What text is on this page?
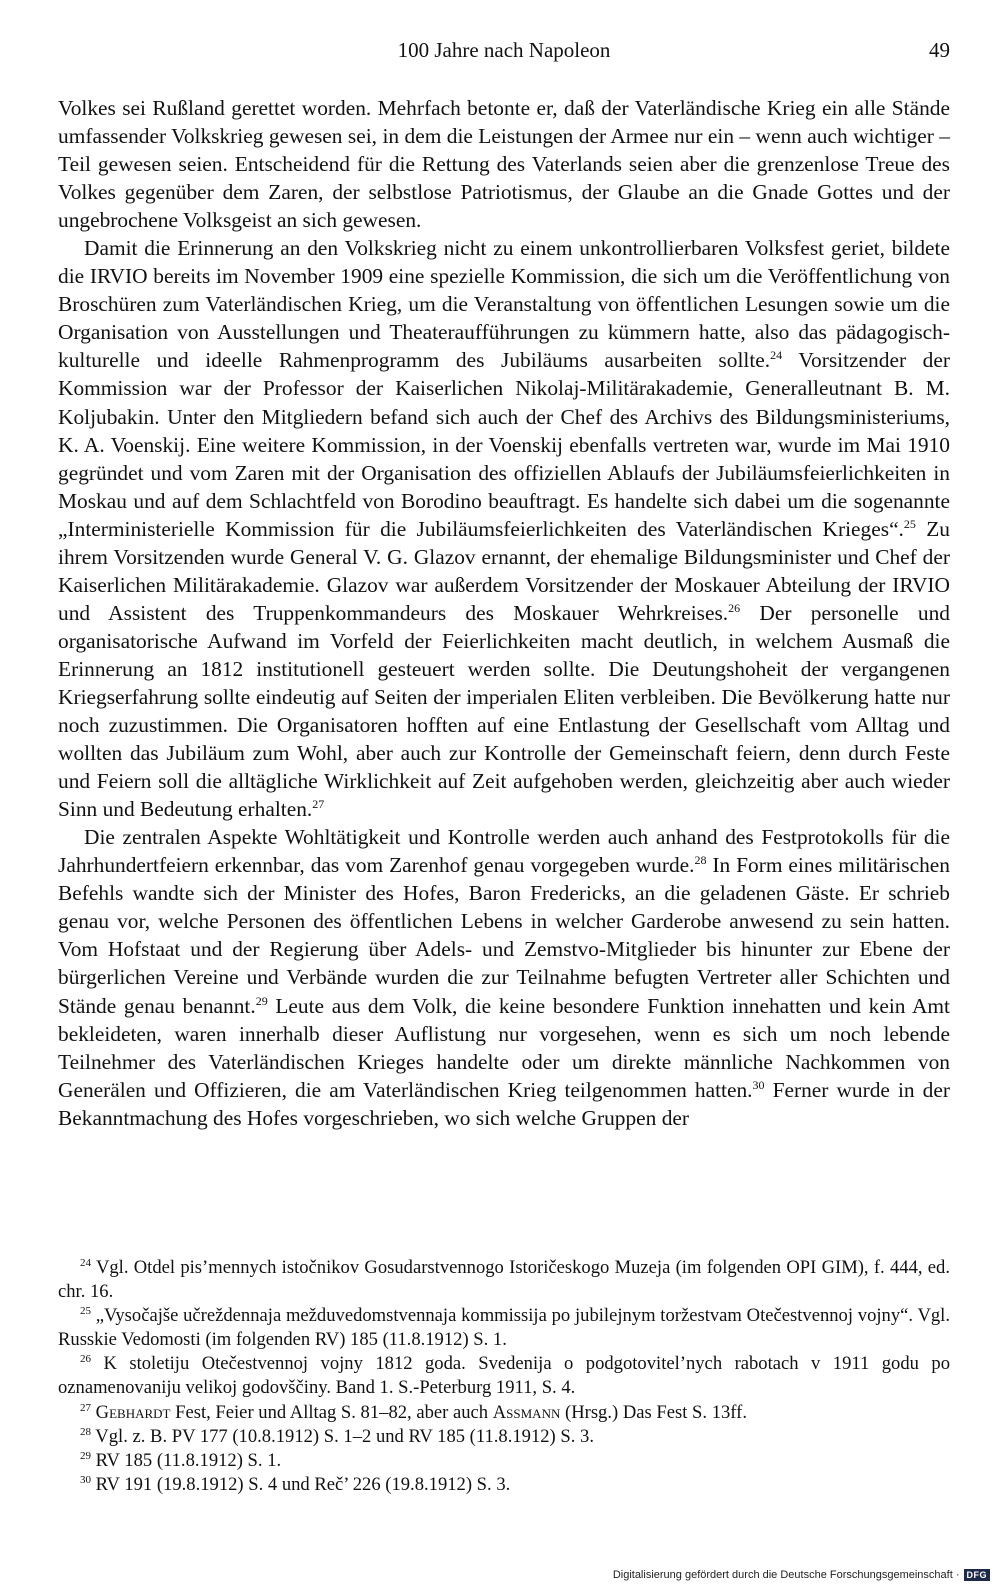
100 Jahre nach Napoleon	49

Volkes sei Rußland gerettet worden. Mehrfach betonte er, daß der Vaterländische Krieg ein alle Stände umfassender Volkskrieg gewesen sei, in dem die Leistungen der Armee nur ein – wenn auch wichtiger – Teil gewesen seien. Entscheidend für die Rettung des Vaterlands seien aber die grenzenlose Treue des Volkes gegenüber dem Zaren, der selbstlose Patriotismus, der Glaube an die Gnade Gottes und der ungebrochene Volksgeist an sich gewesen.

Damit die Erinnerung an den Volkskrieg nicht zu einem unkontrollierbaren Volksfest geriet, bildete die IRVIO bereits im November 1909 eine spezielle Kommission, die sich um die Veröffentlichung von Broschüren zum Vaterländischen Krieg, um die Veranstaltung von öffentlichen Lesungen sowie um die Organisation von Ausstellungen und Theateraufführungen zu kümmern hatte, also das pädagogisch-kulturelle und ideelle Rahmenprogramm des Jubiläums ausarbeiten sollte.$^{24}$ Vorsitzender der Kommission war der Professor der Kaiserlichen Nikolaj-Militärakademie, Generalleutnant B. M. Koljubakin. Unter den Mitgliedern befand sich auch der Chef des Archivs des Bildungsministeriums, K. A. Voenskij. Eine weitere Kommission, in der Voenskij ebenfalls vertreten war, wurde im Mai 1910 gegründet und vom Zaren mit der Organisation des offiziellen Ablaufs der Jubiläumsfeierlichkeiten in Moskau und auf dem Schlachtfeld von Borodino beauftragt. Es handelte sich dabei um die sogenannte „Interministerielle Kommission für die Jubiläumsfeierlichkeiten des Vaterländischen Krieges“.$^{25}$ Zu ihrem Vorsitzenden wurde General V. G. Glazov ernannt, der ehemalige Bildungsminister und Chef der Kaiserlichen Militärakademie. Glazov war außerdem Vorsitzender der Moskauer Abteilung der IRVIO und Assistent des Truppenkommandeurs des Moskauer Wehrkreises.$^{26}$ Der personelle und organisatorische Aufwand im Vorfeld der Feierlichkeiten macht deutlich, in welchem Ausmaß die Erinnerung an 1812 institutionell gesteuert werden sollte. Die Deutungshoheit der vergangenen Kriegserfahrung sollte eindeutig auf Seiten der imperialen Eliten verbleiben. Die Bevölkerung hatte nur noch zuzustimmen. Die Organisatoren hofften auf eine Entlastung der Gesellschaft vom Alltag und wollten das Jubiläum zum Wohl, aber auch zur Kontrolle der Gemeinschaft feiern, denn durch Feste und Feiern soll die alltägliche Wirklichkeit auf Zeit aufgehoben werden, gleichzeitig aber auch wieder Sinn und Bedeutung erhalten.$^{27}$

Die zentralen Aspekte Wohltätigkeit und Kontrolle werden auch anhand des Festprotokolls für die Jahrhundertfeiern erkennbar, das vom Zarenhof genau vorgegeben wurde.$^{28}$ In Form eines militärischen Befehls wandte sich der Minister des Hofes, Baron Fredericks, an die geladenen Gäste. Er schrieb genau vor, welche Personen des öffentlichen Lebens in welcher Garderobe anwesend zu sein hatten. Vom Hofstaat und der Regierung über Adels- und Zemstvo-Mitglieder bis hinunter zur Ebene der bürgerlichen Vereine und Verbände wurden die zur Teilnahme befugten Vertreter aller Schichten und Stände genau benannt.$^{29}$ Leute aus dem Volk, die keine besondere Funktion innehatten und kein Amt bekleideten, waren innerhalb dieser Auflistung nur vorgesehen, wenn es sich um noch lebende Teilnehmer des Vaterländischen Krieges handelte oder um direkte männliche Nachkommen von Generälen und Offizieren, die am Vaterländischen Krieg teilgenommen hatten.$^{30}$ Ferner wurde in der Bekanntmachung des Hofes vorgeschrieben, wo sich welche Gruppen der

$^{24}$ Vgl. Otdel pis’mennych istočnikov Gosudarstvennogo Istoričeskogo Muzeja (im folgenden OPI GIM), f. 444, ed. chr. 16.

$^{25}$ „Vysočajše učreždennaja mežduvedomstvennaja kommissija po jubilejnym toržestvam Otečestvennoj vojny“. Vgl. Russkie Vedomosti (im folgenden RV) 185 (11.8.1912) S. 1.

$^{26}$ K stoletiju Otečestvennoj vojny 1812 goda. Svedenija o podgotovitel’nych rabotach v 1911 godu po oznamenovaniju velikoj godovščiny. Band 1. S.-Peterburg 1911, S. 4.

$^{27}$ Gebhardt Fest, Feier und Alltag S. 81–82, aber auch Assmann (Hrsg.) Das Fest S. 13ff.

$^{28}$ Vgl. z. B. PV 177 (10.8.1912) S. 1–2 und RV 185 (11.8.1912) S. 3.

$^{29}$ RV 185 (11.8.1912) S. 1.

$^{30}$ RV 191 (19.8.1912) S. 4 und Reč’ 226 (19.8.1912) S. 3.

Digitalisierung gefördert durch die Deutsche Forschungsgemeinschaft · DFG
